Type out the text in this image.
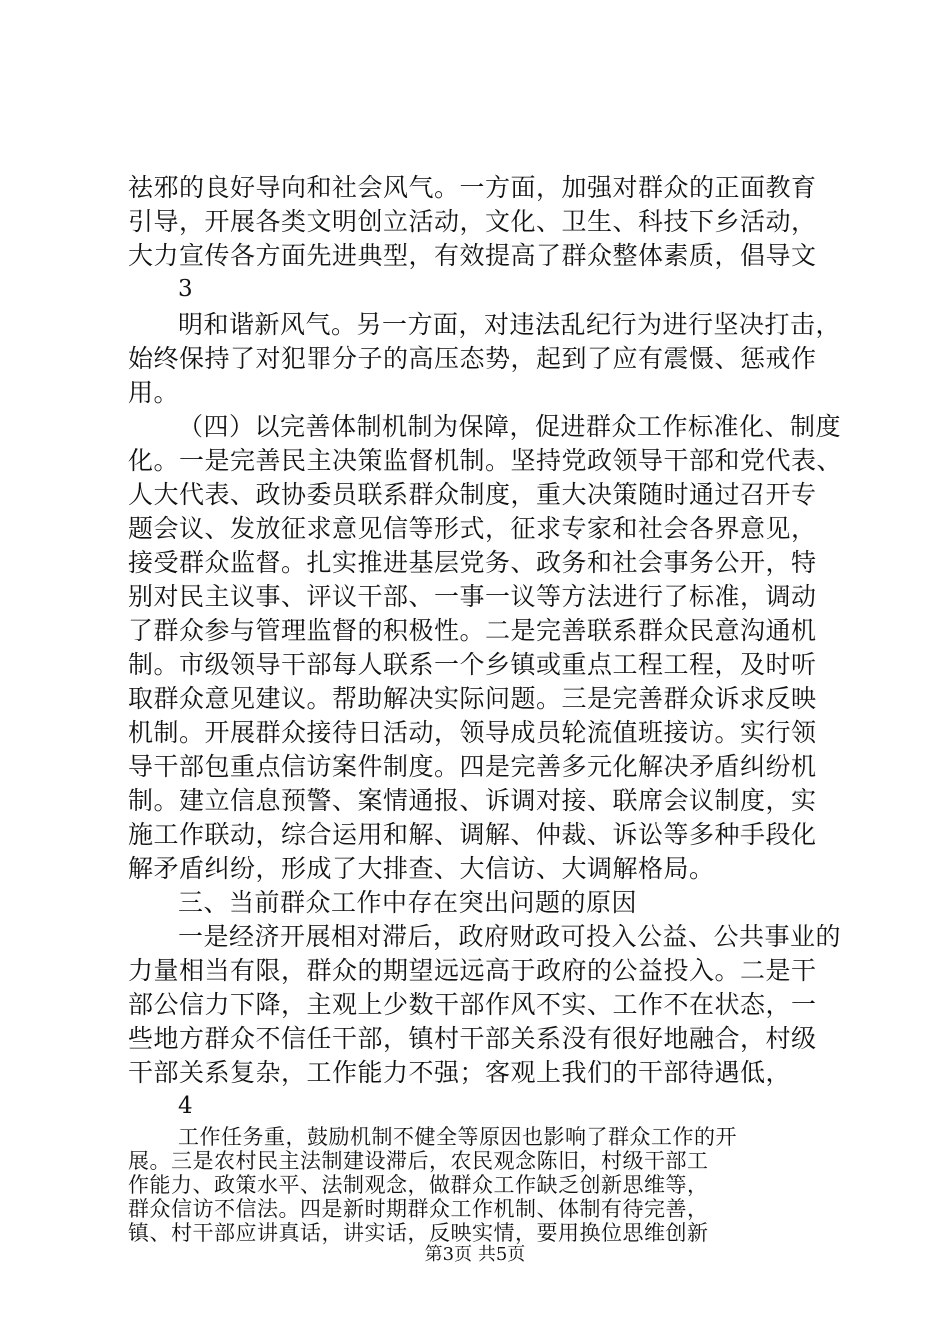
祛邪的良好导向和社会风气。一方面，加强对群众的正面教育
引导，开展各类文明创立活动，文化、卫生、科技下乡活动，
大力宣传各方面先进典型，有效提高了群众整体素质，倡导文
3
明和谐新风气。另一方面，对违法乱纪行为进行坚决打击，
始终保持了对犯罪分子的高压态势，起到了应有震慑、惩戒作
用。
（四）以完善体制机制为保障，促进群众工作标准化、制度
化。一是完善民主决策监督机制。坚持党政领导干部和党代表、
人大代表、政协委员联系群众制度，重大决策随时通过召开专
题会议、发放征求意见信等形式，征求专家和社会各界意见，
接受群众监督。扎实推进基层党务、政务和社会事务公开，特
别对民主议事、评议干部、一事一议等方法进行了标准，调动
了群众参与管理监督的积极性。二是完善联系群众民意沟通机
制。市级领导干部每人联系一个乡镇或重点工程工程，及时听
取群众意见建议。帮助解决实际问题。三是完善群众诉求反映
机制。开展群众接待日活动，领导成员轮流值班接访。实行领
导干部包重点信访案件制度。四是完善多元化解决矛盾纠纷机
制。建立信息预警、案情通报、诉调对接、联席会议制度，实
施工作联动，综合运用和解、调解、仲裁、诉讼等多种手段化
解矛盾纠纷，形成了大排查、大信访、大调解格局。
三、当前群众工作中存在突出问题的原因
一是经济开展相对滞后，政府财政可投入公益、公共事业的
力量相当有限，群众的期望远远高于政府的公益投入。二是干
部公信力下降，主观上少数干部作风不实、工作不在状态，一
些地方群众不信任干部，镇村干部关系没有很好地融合，村级
干部关系复杂，工作能力不强；客观上我们的干部待遇低，
4
工作任务重，鼓励机制不健全等原因也影响了群众工作的开
展。三是农村民主法制建设滞后，农民观念陈旧，村级干部工
作能力、政策水平、法制观念，做群众工作缺乏创新思维等，
第3页 共5页
群众信访不信法。四是新时期群众工作机制、体制有待完善，
镇、村干部应讲真话，讲实话，反映实情，要用换位思维创新
